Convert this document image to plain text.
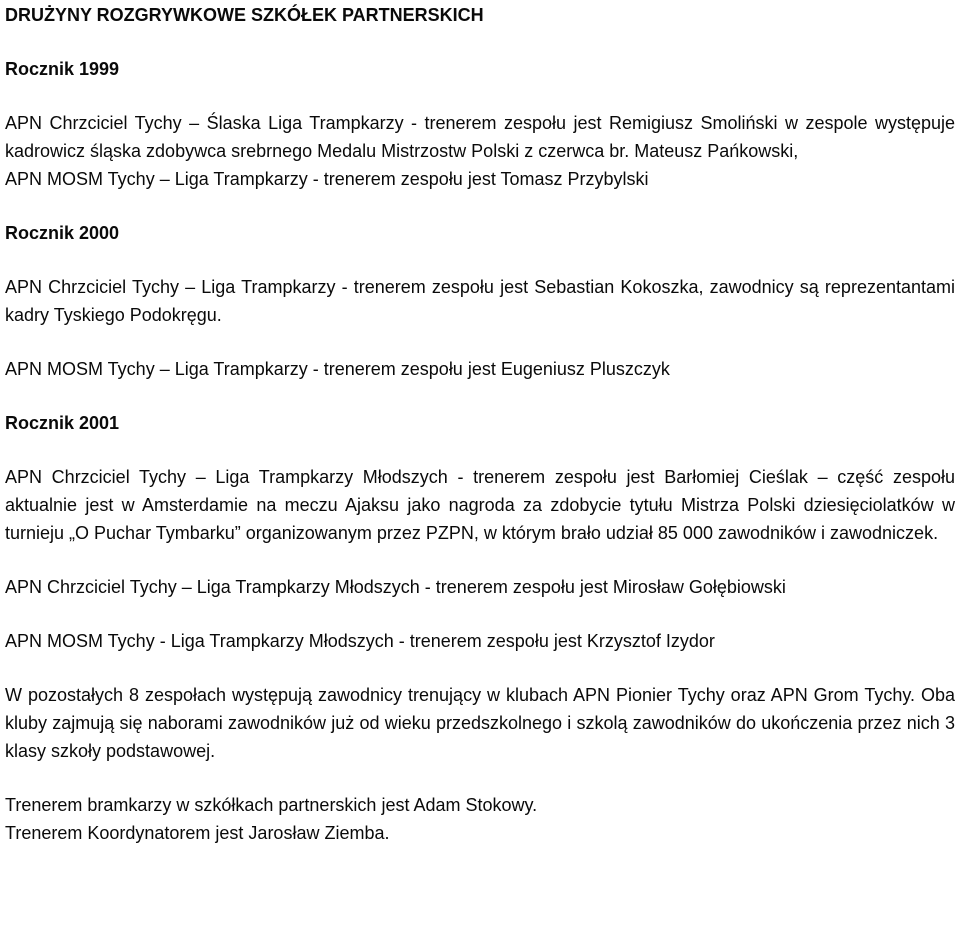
DRUŻYNY ROZGRYWKOWE SZKÓŁEK PARTNERSKICH

Rocznik 1999

APN Chrzciciel Tychy – Ślaska Liga Trampkarzy - trenerem zespołu jest Remigiusz Smoliński w zespole występuje kadrowicz śląska zdobywca srebrnego Medalu Mistrzostw Polski z czerwca br. Mateusz Pańkowski,

APN MOSM Tychy – Liga Trampkarzy - trenerem zespołu jest Tomasz Przybylski

Rocznik 2000

APN Chrzciciel Tychy – Liga Trampkarzy - trenerem zespołu jest Sebastian Kokoszka, zawodnicy są reprezentantami kadry Tyskiego Podokręgu.

APN MOSM Tychy – Liga Trampkarzy - trenerem zespołu jest Eugeniusz Pluszczyk

Rocznik 2001

APN Chrzciciel Tychy – Liga Trampkarzy Młodszych - trenerem zespołu jest Barłomiej Cieślak – część zespołu aktualnie jest w Amsterdamie na meczu Ajaksu jako nagroda za zdobycie tytułu Mistrza Polski dziesięciolatków w turnieju „O Puchar Tymbarku” organizowanym przez PZPN, w którym brało udział 85 000 zawodników i zawodniczek.

APN Chrzciciel Tychy – Liga Trampkarzy Młodszych - trenerem zespołu jest Mirosław Gołębiowski

APN MOSM Tychy - Liga Trampkarzy Młodszych - trenerem zespołu jest Krzysztof Izydor

W pozostałych 8 zespołach występują zawodnicy trenujący w klubach APN Pionier Tychy oraz APN Grom Tychy. Oba kluby zajmują się naborami zawodników już od wieku przedszkolnego i szkolą zawodników do ukończenia przez nich 3 klasy szkoły podstawowej.

Trenerem bramkarzy w szkółkach partnerskich jest Adam Stokowy.

Trenerem Koordynatorem jest Jarosław Ziemba.
